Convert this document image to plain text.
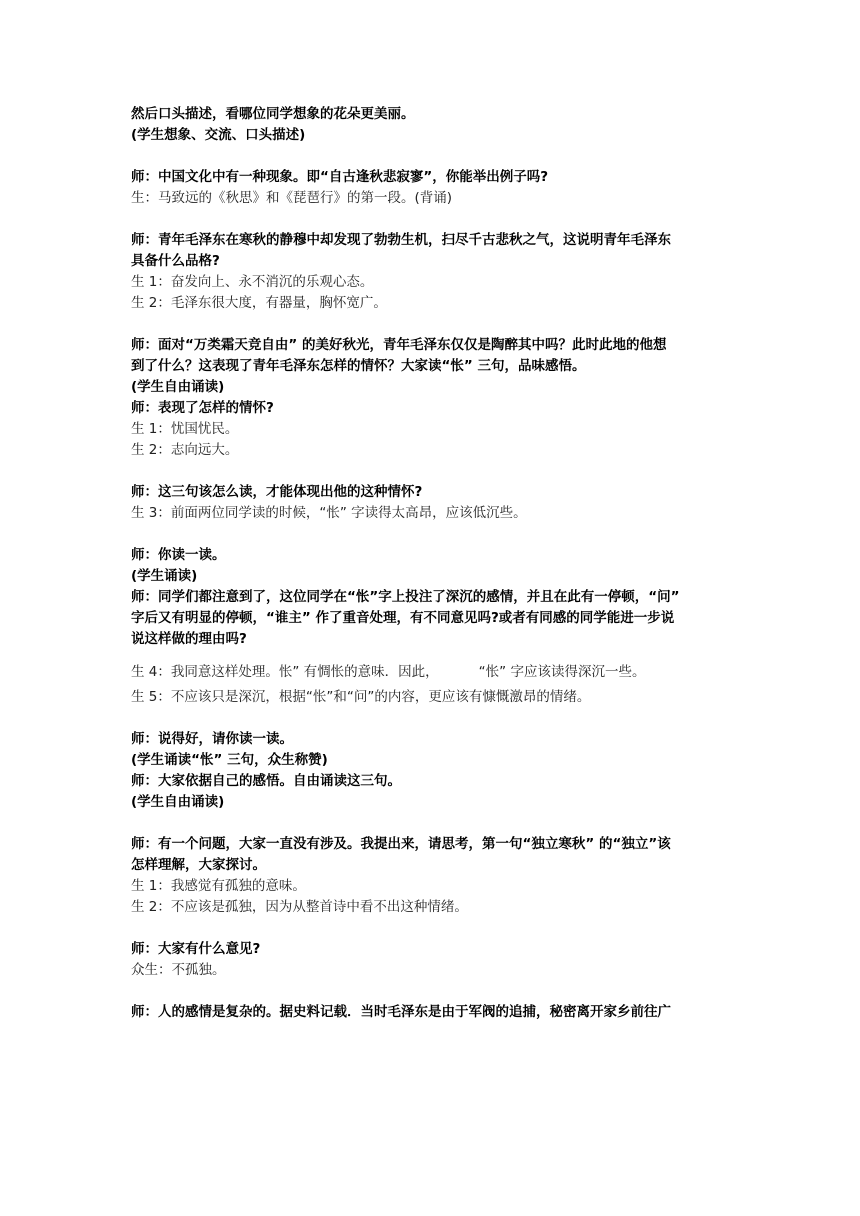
然后口头描述，看哪位同学想象的花朵更美丽。
(学生想象、交流、口头描述)
师：中国文化中有一种现象。即“自古逢秋悲寂寥”，你能举出例子吗?
生：马致远的《秋思》和《琵琶行》的第一段。(背诵)
师：青年毛泽东在寒秋的静穆中却发现了勃勃生机，扫尽千古悲秋之气，这说明青年毛泽东
具备什么品格?
生 1：奋发向上、永不消沉的乐观心态。
生 2：毛泽东很大度，有器量，胸怀宽广。
师：面对“万类霜天竞自由” 的美好秋光，青年毛泽东仅仅是陶醉其中吗？此时此地的他想
到了什么？这表现了青年毛泽东怎样的情怀？大家读“怅” 三句，品味感悟。
(学生自由诵读)
师：表现了怎样的情怀?
生 1：忧国忧民。
生 2：志向远大。
师：这三句该怎么读，才能体现出他的这种情怀?
生 3：前面两位同学读的时候，“怅” 字读得太高昂，应该低沉些。
师：你读一读。
(学生诵读)
师：同学们都注意到了，这位同学在“怅”字上投注了深沉的感情，并且在此有一停顿，“问”
字后又有明显的停顿，“谁主” 作了重音处理，有不同意见吗?或者有同感的同学能进一步说
说这样做的理由吗?
生 4：我同意这样处理。怅” 有惆怅的意味．因此，	“怅” 字应该读得深沉一些。
生 5：不应该只是深沉，根据“怅”和“问”的内容，更应该有慷慨激昂的情绪。
师：说得好，请你读一读。
(学生诵读“怅” 三句，众生称赞)
师：大家依据自己的感悟。自由诵读这三句。
(学生自由诵读)
师：有一个问题，大家一直没有涉及。我提出来，请思考，第一句“独立寒秋” 的“独立”该
怎样理解，大家探讨。
生 1：我感觉有孤独的意味。
生 2：不应该是孤独，因为从整首诗中看不出这种情绪。
师：大家有什么意见?
众生：不孤独。
师：人的感情是复杂的。据史料记载．当时毛泽东是由于军阀的追捕，秘密离开家乡前往广
